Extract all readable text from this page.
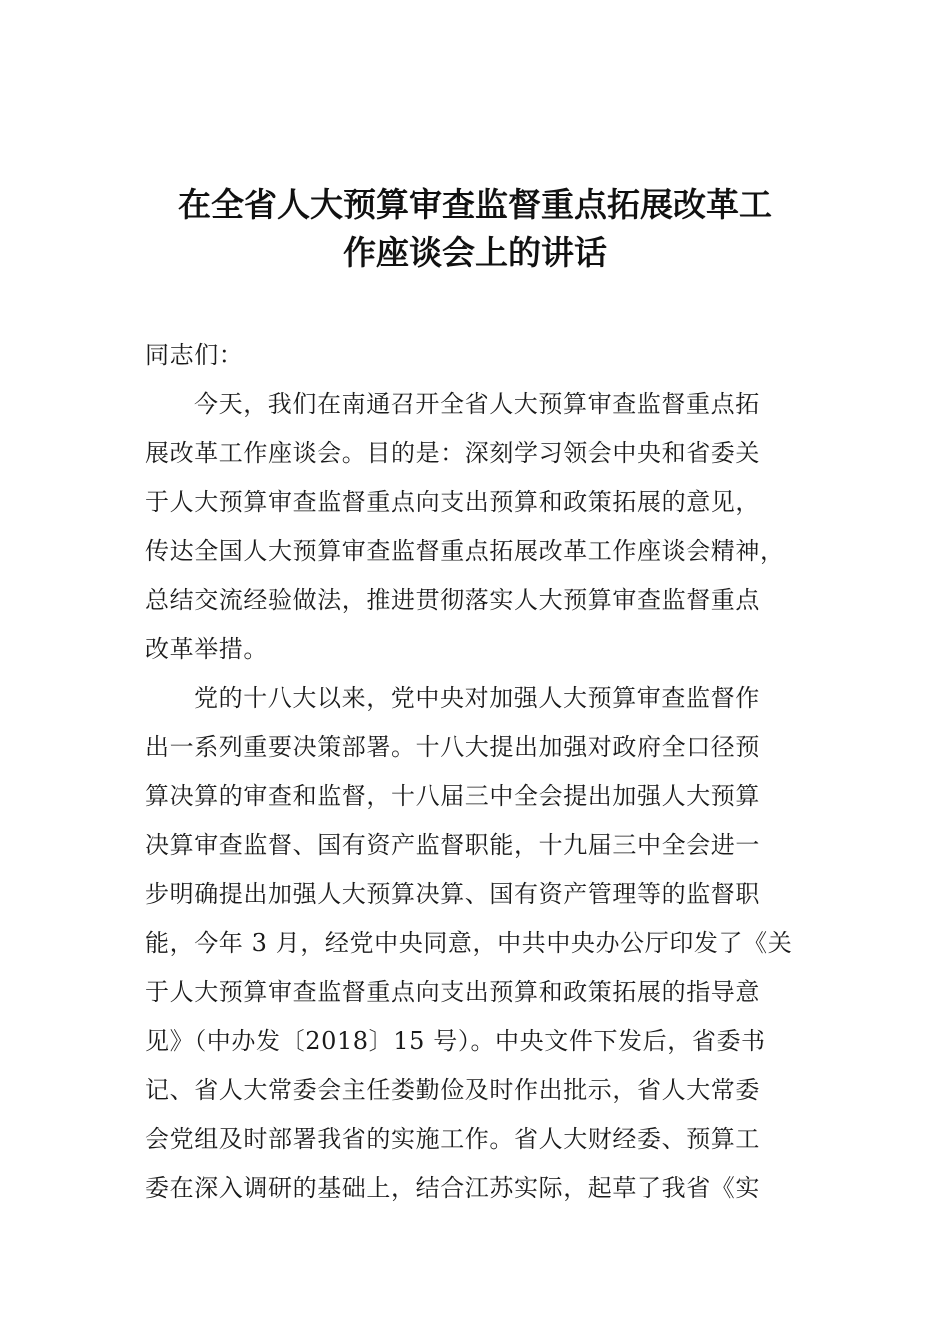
在全省人大预算审查监督重点拓展改革工
作座谈会上的讲话
同志们：
今天，我们在南通召开全省人大预算审查监督重点拓
展改革工作座谈会。目的是：深刻学习领会中央和省委关
于人大预算审查监督重点向支出预算和政策拓展的意见，
传达全国人大预算审查监督重点拓展改革工作座谈会精神，
总结交流经验做法，推进贯彻落实人大预算审查监督重点
改革举措。
党的十八大以来，党中央对加强人大预算审查监督作
出一系列重要决策部署。十八大提出加强对政府全口径预
算决算的审查和监督，十八届三中全会提出加强人大预算
决算审查监督、国有资产监督职能，十九届三中全会进一
步明确提出加强人大预算决算、国有资产管理等的监督职
能，今年 3 月，经党中央同意，中共中央办公厅印发了《关
于人大预算审查监督重点向支出预算和政策拓展的指导意
见》（中办发〔2018〕15 号）。中央文件下发后，省委书
记、省人大常委会主任娄勤俭及时作出批示，省人大常委
会党组及时部署我省的实施工作。省人大财经委、预算工
委在深入调研的基础上，结合江苏实际，起草了我省《实
